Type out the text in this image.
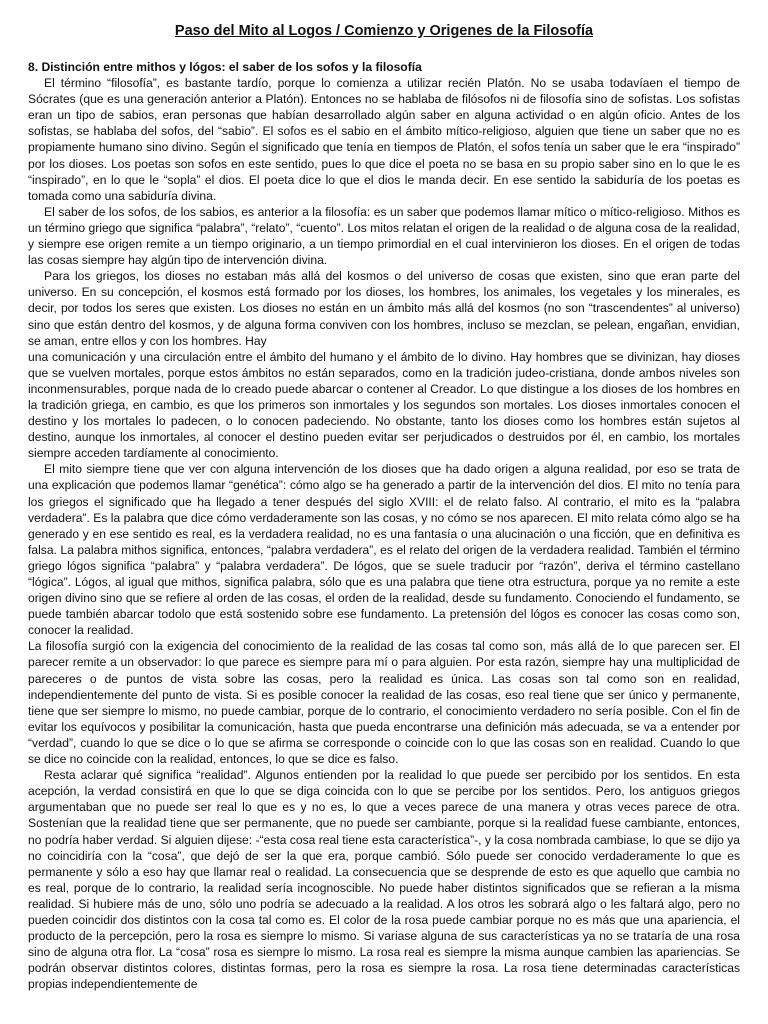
Paso del Mito al Logos / Comienzo y Origenes de la Filosofía
8. Distinción entre mithos y lógos: el saber de los sofos y la filosofía

El término “filosofía”, es bastante tardío, porque lo comienza a utilizar recién Platón. No se usaba todavíaen el tiempo de Sócrates (que es una generación anterior a Platón). Entonces no se hablaba de filósofos ni de filosofía sino de sofistas. Los sofistas eran un tipo de sabios, eran personas que habían desarrollado algún saber en alguna actividad o en algún oficio. Antes de los sofistas, se hablaba del sofos, del “sabio”. El sofos es el sabio en el ámbito mítico-religioso, alguien que tiene un saber que no es propiamente humano sino divino. Según el significado que tenía en tiempos de Platón, el sofos tenía un saber que le era “inspirado” por los dioses. Los poetas son sofos en este sentido, pues lo que dice el poeta no se basa en su propio saber sino en lo que le es “inspirado”, en lo que le “sopla” el dios. El poeta dice lo que el dios le manda decir. En ese sentido la sabiduría de los poetas es tomada como una sabiduría divina.

El saber de los sofos, de los sabios, es anterior a la filosofía: es un saber que podemos llamar mítico o mítico-religioso. Mithos es un término griego que significa “palabra”, “relato”, “cuento”. Los mitos relatan el origen de la realidad o de alguna cosa de la realidad, y siempre ese origen remite a un tiempo originario, a un tiempo primordial en el cual intervinieron los dioses. En el origen de todas las cosas siempre hay algún tipo de intervención divina.

Para los griegos, los dioses no estaban más allá del kosmos o del universo de cosas que existen, sino que eran parte del universo. En su concepción, el kosmos está formado por los dioses, los hombres, los animales, los vegetales y los minerales, es decir, por todos los seres que existen. Los dioses no están en un ámbito más allá del kosmos (no son “trascendentes” al universo) sino que están dentro del kosmos, y de alguna forma conviven con los hombres, incluso se mezclan, se pelean, engañan, envidian, se aman, entre ellos y con los hombres. Hay

una comunicación y una circulación entre el ámbito del humano y el ámbito de lo divino. Hay hombres que se divinizan, hay dioses que se vuelven mortales, porque estos ámbitos no están separados, como en la tradición judeo-cristiana, donde ambos niveles son inconmensurables, porque nada de lo creado puede abarcar o contener al Creador. Lo que distingue a los dioses de los hombres en la tradición griega, en cambio, es que los primeros son inmortales y los segundos son mortales. Los dioses inmortales conocen el destino y los mortales lo padecen, o lo conocen padeciendo. No obstante, tanto los dioses como los hombres están sujetos al destino, aunque los inmortales, al conocer el destino pueden evitar ser perjudicados o destruidos por él, en cambio, los mortales siempre acceden tardíamente al conocimiento.

El mito siempre tiene que ver con alguna intervención de los dioses que ha dado origen a alguna realidad, por eso se trata de una explicación que podemos llamar “genética”: cómo algo se ha generado a partir de la intervención del dios. El mito no tenía para los griegos el significado que ha llegado a tener después del siglo XVIII: el de relato falso. Al contrario, el mito es la “palabra verdadera”. Es la palabra que dice cómo verdaderamente son las cosas, y no cómo se nos aparecen. El mito relata cómo algo se ha generado y en ese sentido es real, es la verdadera realidad, no es una fantasía o una alucinación o una ficción, que en definitiva es falsa. La palabra mithos significa, entonces, “palabra verdadera”, es el relato del origen de la verdadera realidad. También el término griego lógos significa “palabra” y “palabra verdadera”. De lógos, que se suele traducir por “razón”, deriva el término castellano “lógica”. Lógos, al igual que mithos, significa palabra, sólo que es una palabra que tiene otra estructura, porque ya no remite a este origen divino sino que se refiere al orden de las cosas, el orden de la realidad, desde su fundamento. Conociendo el fundamento, se puede también abarcar todolo que está sostenido sobre ese fundamento. La pretensión del lógos es conocer las cosas como son, conocer la realidad.

La filosofía surgió con la exigencia del conocimiento de la realidad de las cosas tal como son, más allá de lo que parecen ser. El parecer remite a un observador: lo que parece es siempre para mí o para alguien. Por esta razón, siempre hay una multiplicidad de pareceres o de puntos de vista sobre las cosas, pero la realidad es única. Las cosas son tal como son en realidad, independientemente del punto de vista. Si es posible conocer la realidad de las cosas, eso real tiene que ser único y permanente, tiene que ser siempre lo mismo, no puede cambiar, porque de lo contrario, el conocimiento verdadero no sería posible. Con el fin de evitar los equívocos y posibilitar la comunicación, hasta que pueda encontrarse una definición más adecuada, se va a entender por “verdad”, cuando lo que se dice o lo que se afirma se corresponde o coincide con lo que las cosas son en realidad. Cuando lo que se dice no coincide con la realidad, entonces, lo que se dice es falso.

Resta aclarar qué significa “realidad”. Algunos entienden por la realidad lo que puede ser percibido por los sentidos. En esta acepción, la verdad consistirá en que lo que se diga coincida con lo que se percibe por los sentidos. Pero, los antiguos griegos argumentaban que no puede ser real lo que es y no es, lo que a veces parece de una manera y otras veces parece de otra. Sostenían que la realidad tiene que ser permanente, que no puede ser cambiante, porque si la realidad fuese cambiante, entonces, no podría haber verdad. Si alguien dijese: -“esta cosa real tiene esta característica”-, y la cosa nombrada cambiase, lo que se dijo ya no coincidiría con la “cosa”, que dejó de ser la que era, porque cambió. Sólo puede ser conocido verdaderamente lo que es permanente y sólo a eso hay que llamar real o realidad. La consecuencia que se desprende de esto es que aquello que cambia no es real, porque de lo contrario, la realidad sería incognoscible. No puede haber distintos significados que se refieran a la misma realidad. Si hubiere más de uno, sólo uno podría se adecuado a la realidad. A los otros les sobrará algo o les faltará algo, pero no pueden coincidir dos distintos con la cosa tal como es. El color de la rosa puede cambiar porque no es más que una apariencia, el producto de la percepción, pero la rosa es siempre lo mismo. Si variase alguna de sus características ya no se trataría de una rosa sino de alguna otra flor. La “cosa” rosa es siempre lo mismo. La rosa real es siempre la misma aunque cambien las apariencias. Se podrán observar distintos colores, distintas formas, pero la rosa es siempre la rosa. La rosa tiene determinadas características propias independientemente de
